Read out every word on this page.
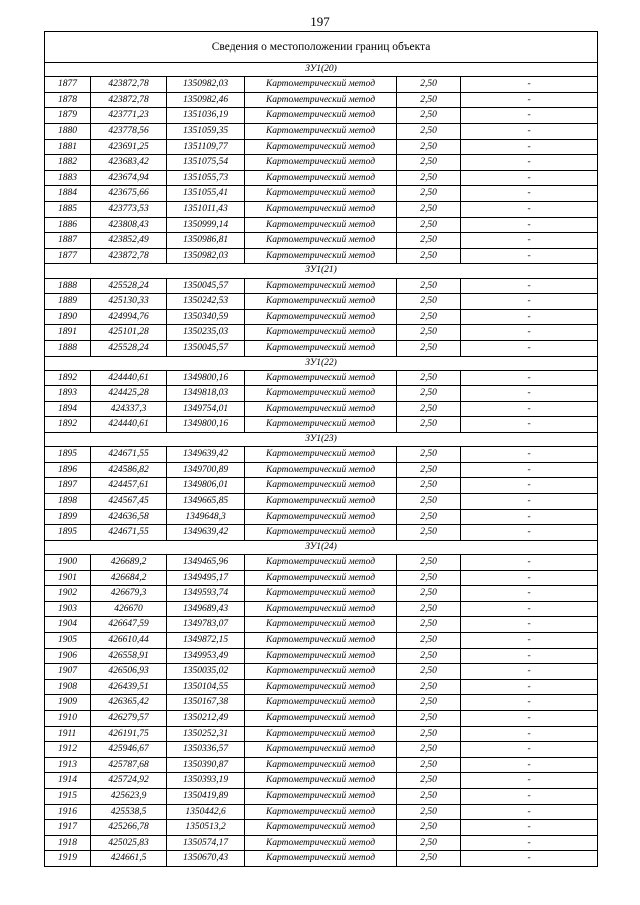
197
Сведения о местоположении границ объекта					
ЗУ1(20)					
1877	423872,78	1350982,03	Картометрический метод	2,50	-
1878	423872,78	1350982,46	Картометрический метод	2,50	-
1879	423771,23	1351036,19	Картометрический метод	2,50	-
1880	423778,56	1351059,35	Картометрический метод	2,50	-
1881	423691,25	1351109,77	Картометрический метод	2,50	-
1882	423683,42	1351075,54	Картометрический метод	2,50	-
1883	423674,94	1351055,73	Картометрический метод	2,50	-
1884	423675,66	1351055,41	Картометрический метод	2,50	-
1885	423773,53	1351011,43	Картометрический метод	2,50	-
1886	423808,43	1350999,14	Картометрический метод	2,50	-
1887	423852,49	1350986,81	Картометрический метод	2,50	-
1877	423872,78	1350982,03	Картометрический метод	2,50	-
ЗУ1(21)					
1888	425528,24	1350045,57	Картометрический метод	2,50	-
1889	425130,33	1350242,53	Картометрический метод	2,50	-
1890	424994,76	1350340,59	Картометрический метод	2,50	-
1891	425101,28	1350235,03	Картометрический метод	2,50	-
1888	425528,24	1350045,57	Картометрический метод	2,50	-
ЗУ1(22)					
1892	424440,61	1349800,16	Картометрический метод	2,50	-
1893	424425,28	1349818,03	Картометрический метод	2,50	-
1894	424337,3	1349754,01	Картометрический метод	2,50	-
1892	424440,61	1349800,16	Картометрический метод	2,50	-
ЗУ1(23)					
1895	424671,55	1349639,42	Картометрический метод	2,50	-
1896	424586,82	1349700,89	Картометрический метод	2,50	-
1897	424457,61	1349806,01	Картометрический метод	2,50	-
1898	424567,45	1349665,85	Картометрический метод	2,50	-
1899	424636,58	1349648,3	Картометрический метод	2,50	-
1895	424671,55	1349639,42	Картометрический метод	2,50	-
ЗУ1(24)					
1900	426689,2	1349465,96	Картометрический метод	2,50	-
1901	426684,2	1349495,17	Картометрический метод	2,50	-
1902	426679,3	1349593,74	Картометрический метод	2,50	-
1903	426670	1349689,43	Картометрический метод	2,50	-
1904	426647,59	1349783,07	Картометрический метод	2,50	-
1905	426610,44	1349872,15	Картометрический метод	2,50	-
1906	426558,91	1349953,49	Картометрический метод	2,50	-
1907	426506,93	1350035,02	Картометрический метод	2,50	-
1908	426439,51	1350104,55	Картометрический метод	2,50	-
1909	426365,42	1350167,38	Картометрический метод	2,50	-
1910	426279,57	1350212,49	Картометрический метод	2,50	-
1911	426191,75	1350252,31	Картометрический метод	2,50	-
1912	425946,67	1350336,57	Картометрический метод	2,50	-
1913	425787,68	1350390,87	Картометрический метод	2,50	-
1914	425724,92	1350393,19	Картометрический метод	2,50	-
1915	425623,9	1350419,89	Картометрический метод	2,50	-
1916	425538,5	1350442,6	Картометрический метод	2,50	-
1917	425266,78	1350513,2	Картометрический метод	2,50	-
1918	425025,83	1350574,17	Картометрический метод	2,50	-
1919	424661,5	1350670,43	Картометрический метод	2,50	-
